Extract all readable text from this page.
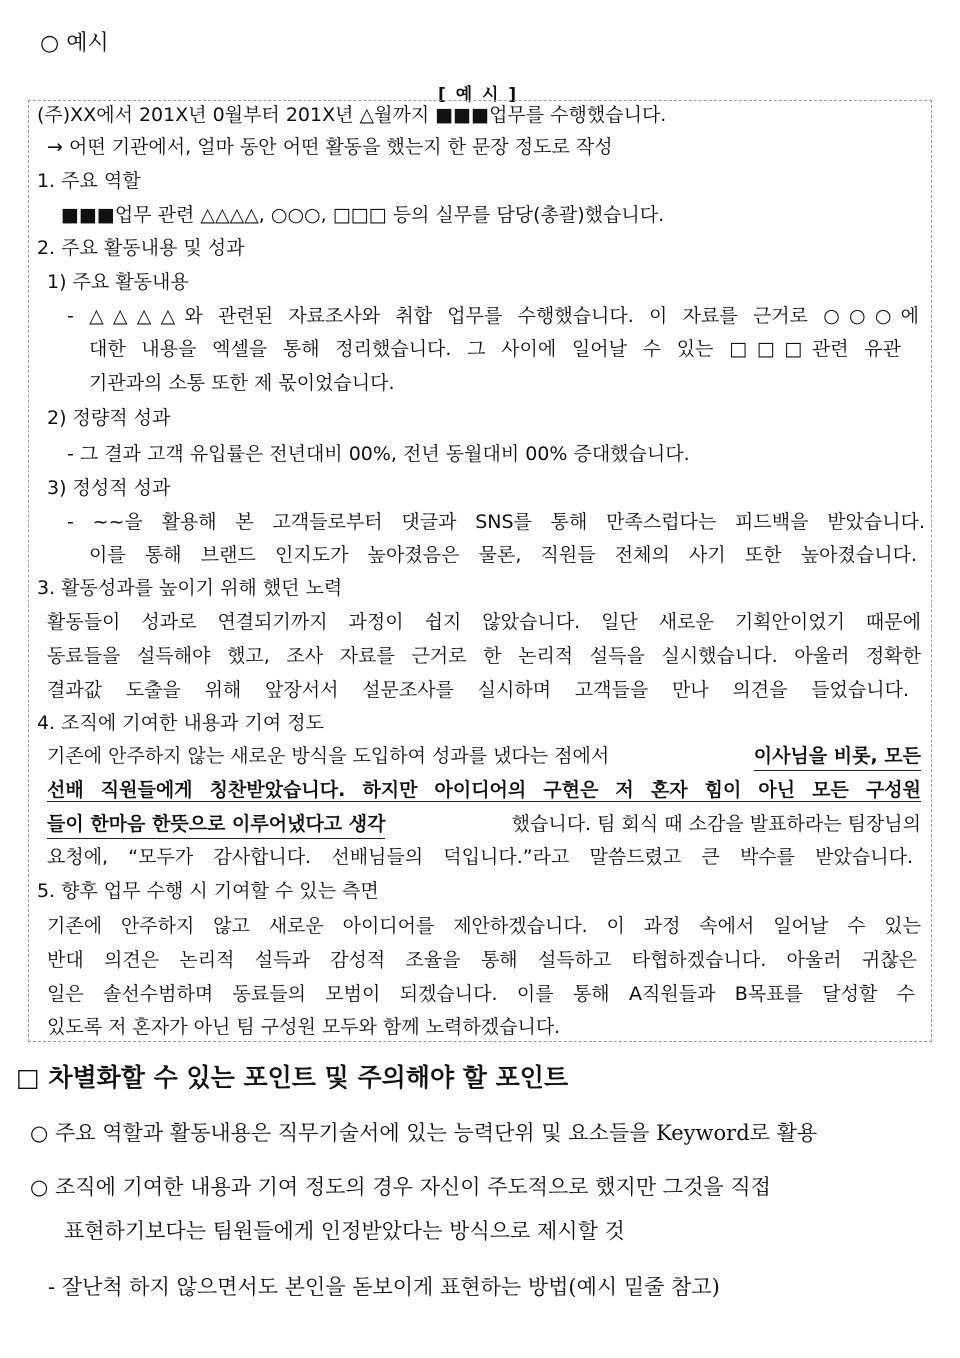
○ 예시
[ 예 시 ]
(주)XX에서 201X년 0월부터 201X년 △월까지 ■■■업무를 수행했습니다.
→ 어떤 기관에서, 얼마 동안 어떤 활동을 했는지 한 문장 정도로 작성
1. 주요 역할
■■■업무 관련 △△△△, ○○○, □□□ 등의 실무를 담당(총괄)했습니다.
2. 주요 활동내용 및 성과
1) 주요 활동내용
- △△△△와 관련된 자료조사와 취합 업무를 수행했습니다. 이 자료를 근거로 ○○○에
대한 내용을 엑셀을 통해 정리했습니다. 그 사이에 일어날 수 있는 □□□관련 유관
기관과의 소통 또한 제 몫이었습니다.
2) 정량적 성과
- 그 결과 고객 유입률은 전년대비 00%, 전년 동월대비 00% 증대했습니다.
3) 정성적 성과
- ~~을 활용해 본 고객들로부터 댓글과 SNS를 통해 만족스럽다는 피드백을 받았습니다.
이를 통해 브랜드 인지도가 높아졌음은 물론, 직원들 전체의 사기 또한 높아졌습니다.
3. 활동성과를 높이기 위해 했던 노력
활동들이 성과로 연결되기까지 과정이 쉽지 않았습니다. 일단 새로운 기획안이었기 때문에
동료들을 설득해야 했고, 조사 자료를 근거로 한 논리적 설득을 실시했습니다. 아울러 정확한
결과값 도출을 위해 앞장서서 설문조사를 실시하며 고객들을 만나 의견을 들었습니다.
4. 조직에 기여한 내용과 기여 정도
기존에 안주하지 않는 새로운 방식을 도입하여 성과를 냈다는 점에서	이사님을 비롯, 모든
선배 직원들에게 칭찬받았습니다. 하지만 아이디어의 구현은 저 혼자 힘이 아닌 모든 구성원
들이 한마음 한뜻으로 이루어냈다고 생각	했습니다. 팀 회식 때 소감을 발표하라는 팀장님의
요청에, “모두가 감사합니다. 선배님들의 덕입니다.”라고 말씀드렸고 큰 박수를 받았습니다.
5. 향후 업무 수행 시 기여할 수 있는 측면
기존에 안주하지 않고 새로운 아이디어를 제안하겠습니다. 이 과정 속에서 일어날 수 있는
반대 의견은 논리적 설득과 감성적 조율을 통해 설득하고 타협하겠습니다. 아울러 귀찮은
일은 솔선수범하며 동료들의 모범이 되겠습니다. 이를 통해 A직원들과 B목표를 달성할 수
있도록 저 혼자가 아닌 팀 구성원 모두와 함께 노력하겠습니다.
□ 차별화할 수 있는 포인트 및 주의해야 할 포인트
○ 주요 역할과 활동내용은 직무기술서에 있는 능력단위 및 요소들을 Keyword로 활용
○ 조직에 기여한 내용과 기여 정도의 경우 자신이 주도적으로 했지만 그것을 직접
표현하기보다는 팀원들에게 인정받았다는 방식으로 제시할 것
- 잘난척 하지 않으면서도 본인을 돋보이게 표현하는 방법(예시 밑줄 참고)
